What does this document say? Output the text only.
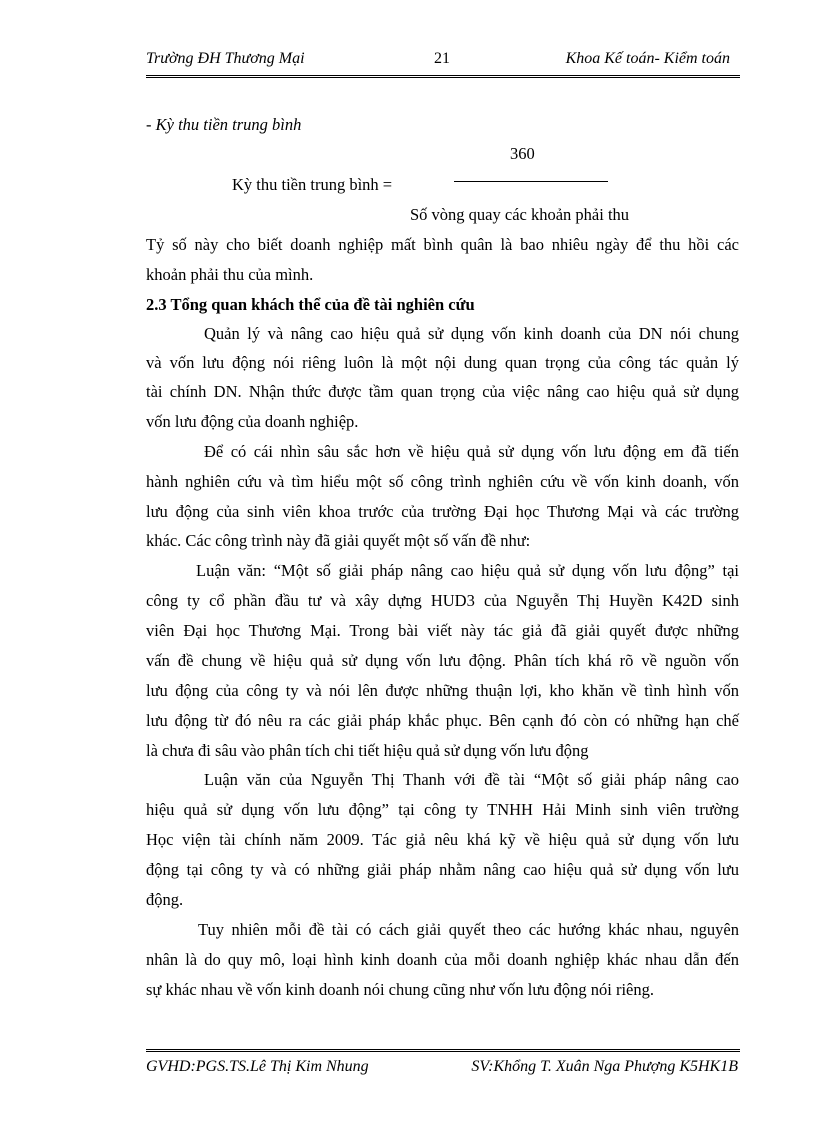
Trường ĐH Thương Mại	21	Khoa Kế toán- Kiểm toán
- Kỳ thu tiền trung bình
360
Kỳ thu tiền trung bình =
Số vòng quay các khoản phải thu
Tỷ số này cho biết doanh nghiệp mất bình quân là bao nhiêu ngày để thu hồi các
khoản phải thu của mình.
2.3 Tổng quan khách thể của đề tài nghiên cứu
Quản lý và nâng cao hiệu quả sử dụng vốn kinh doanh của DN nói chung
và vốn lưu động nói riêng luôn là một nội dung quan trọng của công tác quản lý
tài chính DN. Nhận thức được tầm quan trọng của việc nâng cao hiệu quả sử dụng
vốn lưu động của doanh nghiệp.
Để có cái nhìn sâu sắc hơn về hiệu quả sử dụng vốn lưu động em đã tiến
hành nghiên cứu và tìm hiểu một số công trình nghiên cứu về vốn kinh doanh, vốn
lưu động của sinh viên khoa trước của trường Đại học Thương Mại và các trường
khác. Các công trình này đã giải quyết một số vấn đề như:
Luận văn: “Một số giải pháp nâng cao hiệu quả sử dụng vốn lưu động” tại
công ty cổ phần đầu tư và xây dựng HUD3 của Nguyễn Thị Huyền K42D sinh
viên Đại học Thương Mại. Trong bài viết này tác giả đã giải quyết được những
vấn đề chung về hiệu quả sử dụng vốn lưu động. Phân tích khá rõ về nguồn vốn
lưu động của công ty và nói lên được những thuận lợi, kho khăn về tình hình vốn
lưu động từ đó nêu ra các giải pháp khắc phục. Bên cạnh đó còn có những hạn chế
là chưa đi sâu vào phân tích chi tiết hiệu quả sử dụng vốn lưu động
Luận văn của Nguyễn Thị Thanh với đề tài “Một số giải pháp nâng cao
hiệu quả sử dụng vốn lưu động” tại công ty TNHH Hải Minh sinh viên trường
Học viện tài chính năm 2009. Tác giả nêu khá kỹ về hiệu quả sử dụng vốn lưu
động tại công ty và có những giải pháp nhằm nâng cao hiệu quả sử dụng vốn lưu
động.
Tuy nhiên mỗi đề tài có cách giải quyết theo các hướng khác nhau, nguyên
nhân là do quy mô, loại hình kinh doanh của mỗi doanh nghiệp khác nhau dẫn đến
sự khác nhau về vốn kinh doanh nói chung cũng như vốn lưu động nói riêng.
GVHD:PGS.TS.Lê Thị Kim Nhung	SV:Khổng T. Xuân Nga Phượng K5HK1B
